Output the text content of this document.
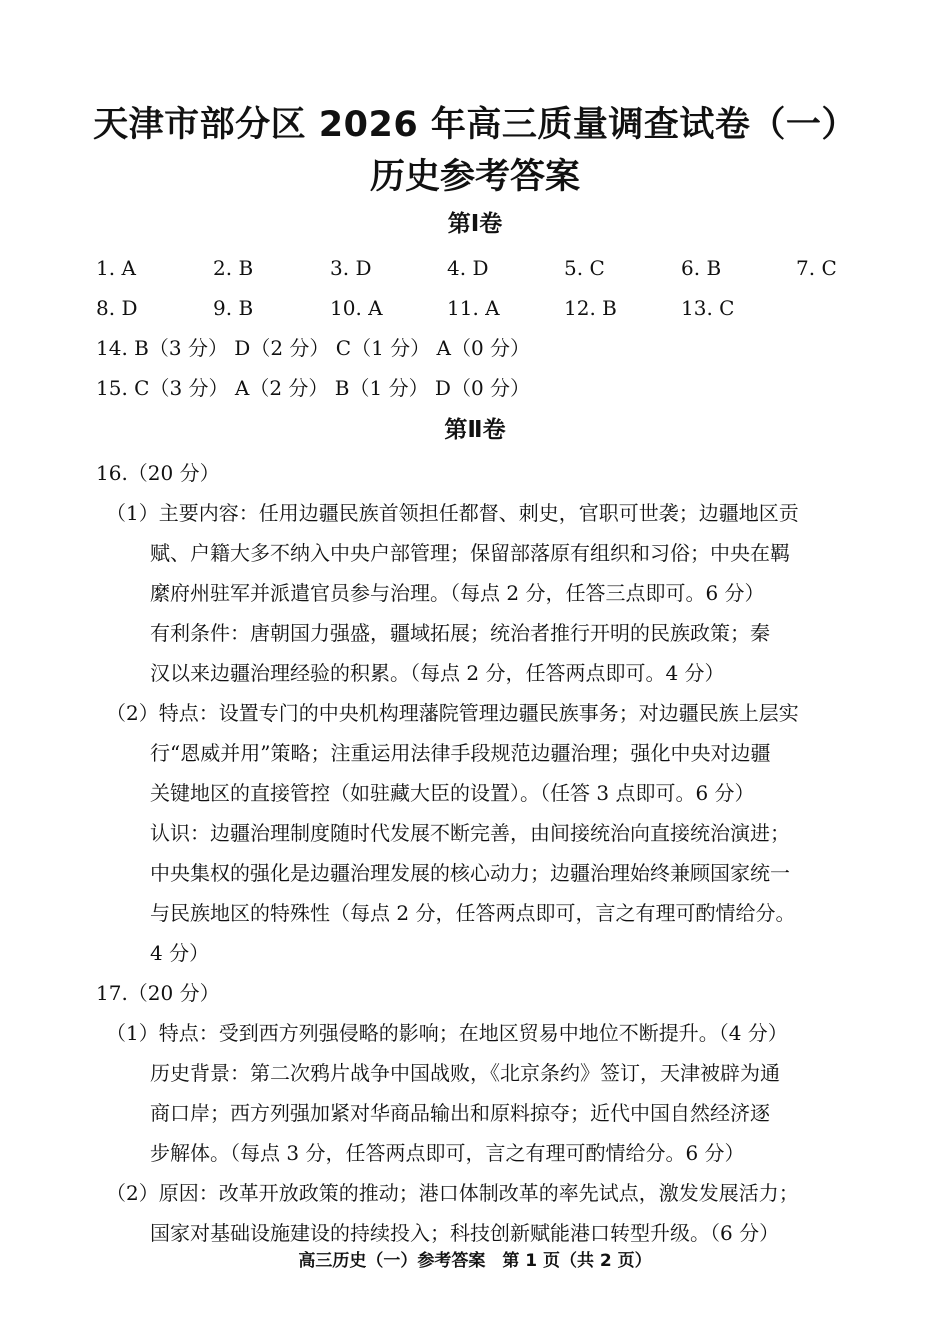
天津市部分区 2026 年高三质量调查试卷（一）
历史参考答案
第Ⅰ卷
1. A	2. B	3. D	4. D	5. C	6. B	7. C
8. D	9. B	10. A	11. A	12. B	13. C
14. B（3 分） D（2 分） C（1 分） A（0 分）
15. C（3 分） A（2 分） B（1 分） D（0 分）
第Ⅱ卷
16.（20 分）
（1）主要内容：任用边疆民族首领担任都督、刺史，官职可世袭；边疆地区贡
赋、户籍大多不纳入中央户部管理；保留部落原有组织和习俗；中央在羁
縻府州驻军并派遣官员参与治理。（每点 2 分，任答三点即可。6 分）
有利条件：唐朝国力强盛，疆域拓展；统治者推行开明的民族政策；秦
汉以来边疆治理经验的积累。（每点 2 分，任答两点即可。4 分）
（2）特点：设置专门的中央机构理藩院管理边疆民族事务；对边疆民族上层实
行“恩威并用”策略；注重运用法律手段规范边疆治理；强化中央对边疆
关键地区的直接管控（如驻藏大臣的设置）。（任答 3 点即可。6 分）
认识：边疆治理制度随时代发展不断完善，由间接统治向直接统治演进；
中央集权的强化是边疆治理发展的核心动力；边疆治理始终兼顾国家统一
与民族地区的特殊性（每点 2 分，任答两点即可，言之有理可酌情给分。
4 分）
17.（20 分）
（1）特点：受到西方列强侵略的影响；在地区贸易中地位不断提升。（4 分）
历史背景：第二次鸦片战争中国战败，《北京条约》签订，天津被辟为通
商口岸；西方列强加紧对华商品输出和原料掠夺；近代中国自然经济逐
步解体。（每点 3 分，任答两点即可，言之有理可酌情给分。6 分）
（2）原因：改革开放政策的推动；港口体制改革的率先试点，激发发展活力；
国家对基础设施建设的持续投入；科技创新赋能港口转型升级。（6 分）
高三历史（一）参考答案　第 1 页（共 2 页）
